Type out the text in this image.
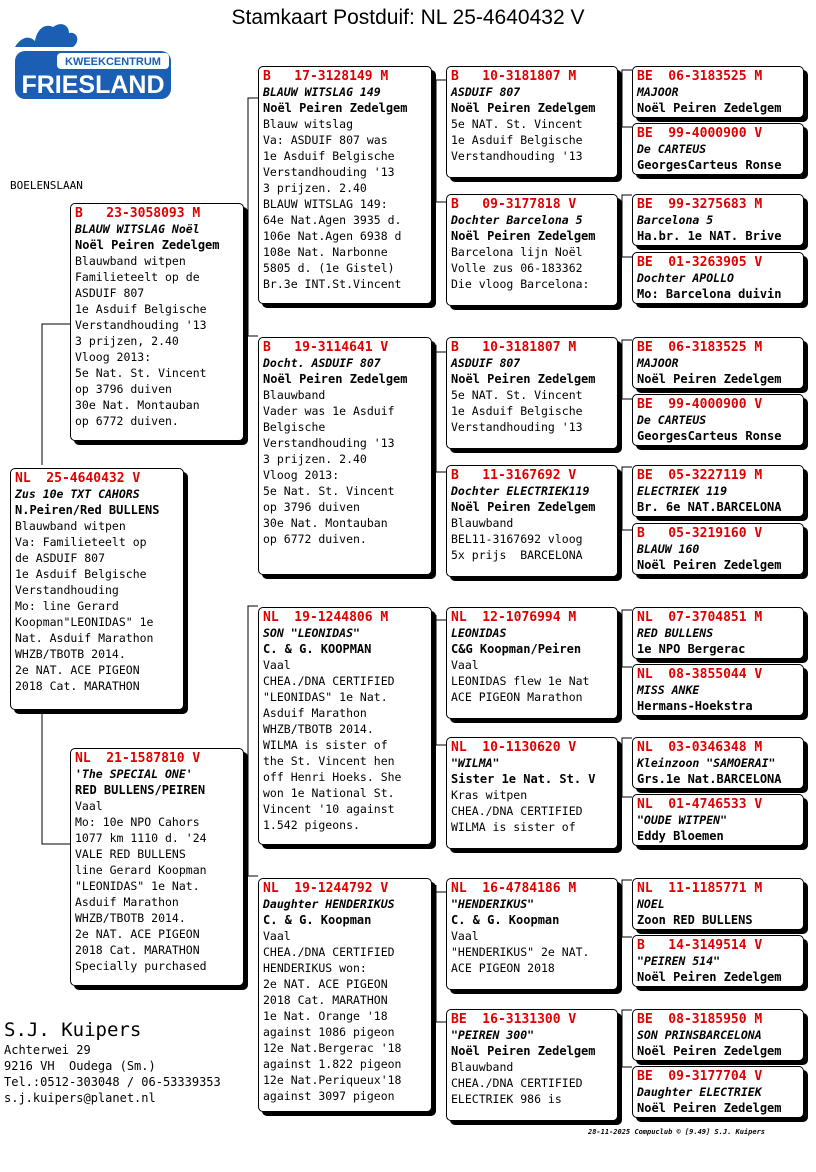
Stamkaart Postduif: NL 25-4640432 V
KWEEKCENTRUM
FRIESLAND
BOELENSLAAN
NL  25-4640432 V
Zus 10e TXT CAHORS
N.Peiren/Red BULLENS
Blauwband witpen
Va: Familieteelt op
de ASDUIF 807
1e Asduif Belgische
Verstandhouding
Mo: line Gerard
Koopman"LEONIDAS" 1e
Nat. Asduif Marathon
WHZB/TBOTB 2014.
2e NAT. ACE PIGEON
2018 Cat. MARATHON
B   23-3058093 M
BLAUW WITSLAG Noël
Noël Peiren Zedelgem
Blauwband witpen
Familieteelt op de
ASDUIF 807
1e Asduif Belgische
Verstandhouding '13
3 prijzen, 2.40
Vloog 2013:
5e Nat. St. Vincent
op 3796 duiven
30e Nat. Montauban
op 6772 duiven.
NL  21-1587810 V
'The SPECIAL ONE'
RED BULLENS/PEIREN
Vaal
Mo: 10e NPO Cahors
1077 km 1110 d. '24
VALE RED BULLENS
line Gerard Koopman
"LEONIDAS" 1e Nat.
Asduif Marathon
WHZB/TBOTB 2014.
2e NAT. ACE PIGEON
2018 Cat. MARATHON
Specially purchased
B   17-3128149 M
BLAUW WITSLAG 149
Noël Peiren Zedelgem
Blauw witslag
Va: ASDUIF 807 was
1e Asduif Belgische
Verstandhouding '13
3 prijzen. 2.40
BLAUW WITSLAG 149:
64e Nat.Agen 3935 d.
106e Nat.Agen 6938 d
108e Nat. Narbonne
5805 d. (1e Gistel)
Br.3e INT.St.Vincent
B   19-3114641 V
Docht. ASDUIF 807
Noël Peiren Zedelgem
Blauwband
Vader was 1e Asduif
Belgische
Verstandhouding '13
3 prijzen. 2.40
Vloog 2013:
5e Nat. St. Vincent
op 3796 duiven
30e Nat. Montauban
op 6772 duiven.
NL  19-1244806 M
SON "LEONIDAS"
C. & G. KOOPMAN
Vaal
CHEA./DNA CERTIFIED
"LEONIDAS" 1e Nat.
Asduif Marathon
WHZB/TBOTB 2014.
WILMA is sister of
the St. Vincent hen
off Henri Hoeks. She
won 1e National St.
Vincent '10 against
1.542 pigeons.
NL  19-1244792 V
Daughter HENDERIKUS
C. & G. Koopman
Vaal
CHEA./DNA CERTIFIED
HENDERIKUS won:
2e NAT. ACE PIGEON
2018 Cat. MARATHON
1e Nat. Orange '18
against 1086 pigeon
12e Nat.Bergerac '18
against 1.822 pigeon
12e Nat.Periqueux'18
against 3097 pigeon
B   10-3181807 M
ASDUIF 807
Noël Peiren Zedelgem
5e NAT. St. Vincent
1e Asduif Belgische
Verstandhouding '13
B   09-3177818 V
Dochter Barcelona 5
Noël Peiren Zedelgem
Barcelona lijn Noël
Volle zus 06-183362
Die vloog Barcelona:
B   10-3181807 M
ASDUIF 807
Noël Peiren Zedelgem
5e NAT. St. Vincent
1e Asduif Belgische
Verstandhouding '13
B   11-3167692 V
Dochter ELECTRIEK119
Noël Peiren Zedelgem
Blauwband
BEL11-3167692 vloog
5x prijs  BARCELONA
NL  12-1076994 M
LEONIDAS
C&G Koopman/Peiren
Vaal
LEONIDAS flew 1e Nat
ACE PIGEON Marathon
NL  10-1130620 V
"WILMA"
Sister 1e Nat. St. V
Kras witpen
CHEA./DNA CERTIFIED
WILMA is sister of
NL  16-4784186 M
"HENDERIKUS"
C. & G. Koopman
Vaal
"HENDERIKUS" 2e NAT.
ACE PIGEON 2018
BE  16-3131300 V
"PEIREN 300"
Noël Peiren Zedelgem
Blauwband
CHEA./DNA CERTIFIED
ELECTRIEK 986 is
BE  06-3183525 M
MAJOOR
Noël Peiren Zedelgem
BE  99-4000900 V
De CARTEUS
GeorgesCarteus Ronse
BE  99-3275683 M
Barcelona 5
Ha.br. 1e NAT. Brive
BE  01-3263905 V
Dochter APOLLO
Mo: Barcelona duivin
BE  06-3183525 M
MAJOOR
Noël Peiren Zedelgem
BE  99-4000900 V
De CARTEUS
GeorgesCarteus Ronse
BE  05-3227119 M
ELECTRIEK 119
Br. 6e NAT.BARCELONA
B   05-3219160 V
BLAUW 160
Noël Peiren Zedelgem
NL  07-3704851 M
RED BULLENS
1e NPO Bergerac
NL  08-3855044 V
MISS ANKE
Hermans-Hoekstra
NL  03-0346348 M
Kleinzoon "SAMOERAI"
Grs.1e Nat.BARCELONA
NL  01-4746533 V
"OUDE WITPEN"
Eddy Bloemen
NL  11-1185771 M
NOEL
Zoon RED BULLENS
B   14-3149514 V
"PEIREN 514"
Noël Peiren Zedelgem
BE  08-3185950 M
SON PRINSBARCELONA
Noël Peiren Zedelgem
BE  09-3177704 V
Daughter ELECTRIEK
Noël Peiren Zedelgem
S.J. Kuipers
Achterwei 29
9216 VH  Oudega (Sm.)
Tel.:0512-303048 / 06-53339353
s.j.kuipers@planet.nl
28-11-2025 Compuclub © [9.49] S.J. Kuipers
